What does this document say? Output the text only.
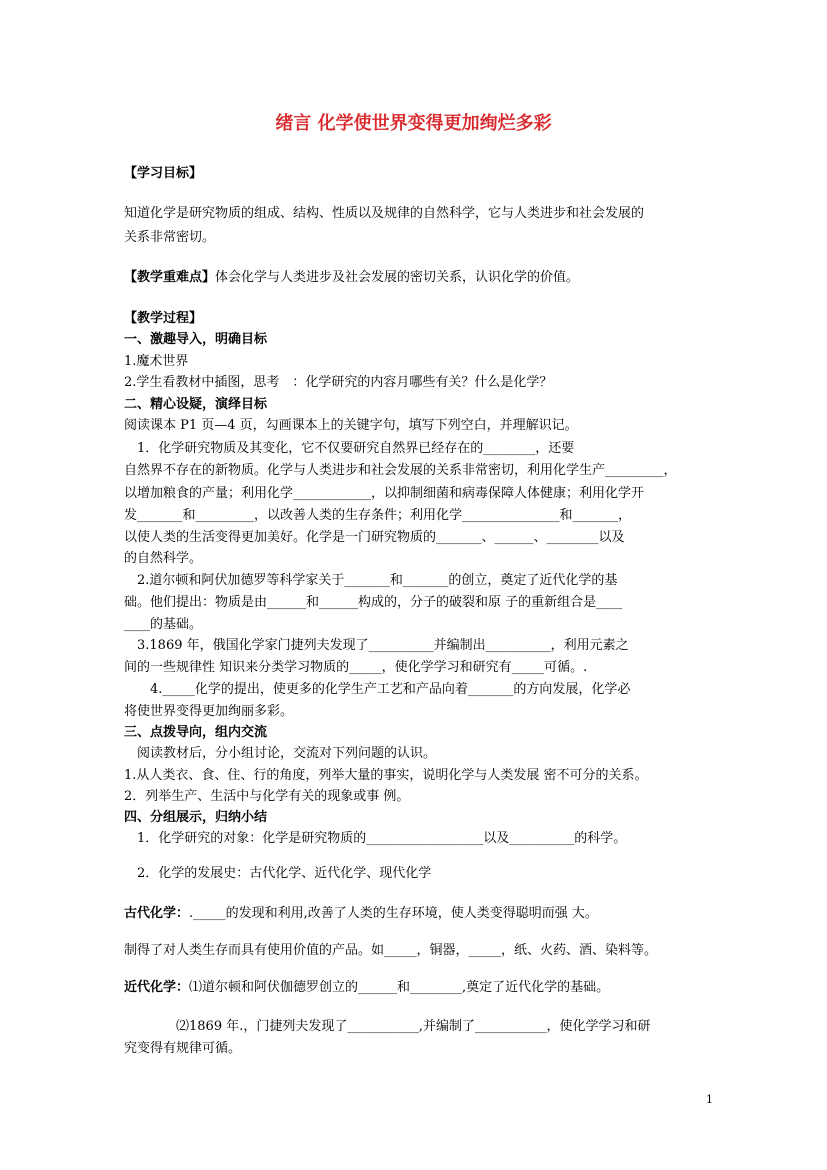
绪言 化学使世界变得更加绚烂多彩
【学习目标】
知道化学是研究物质的组成、结构、性质以及规律的自然科学，它与人类进步和社会发展的
关系非常密切。
【教学重难点】体会化学与人类进步及社会发展的密切关系，认识化学的价值。
【教学过程】
一、激趣导入，明确目标
1.魔术世界
2.学生看教材中插图，思考　：化学研究的内容月哪些有关？什么是化学？
二、精心设疑，演绎目标
阅读课本 P1 页—4 页，勾画课本上的关键字句，填写下列空白，并理解识记。
　1．化学研究物质及其变化，它不仅要研究自然界已经存在的________，还要
自然界不存在的新物质。化学与人类进步和社会发展的关系非常密切，利用化学生产_________，
以增加粮食的产量；利用化学____________，以抑制细菌和病毒保障人体健康；利用化学开
发_______和_________，以改善人类的生存条件；利用化学_______________和_______，
以使人类的生活变得更加美好。化学是一门研究物质的_______、______、________以及
的自然科学。
　2.道尔顿和阿伏加德罗等科学家关于_______和_______的创立，奠定了近代化学的基
础。他们提出：物质是由______和______构成的，分子的破裂和原 子的重新组合是____
____的基础。
　3.1869 年，俄国化学家门捷列夫发现了__________并编制出__________，利用元素之
间的一些规律性 知识来分类学习物质的_____，使化学学习和研究有_____可循。.
　　4._____化学的提出，使更多的化学生产工艺和产品向着_______的方向发展，化学必
将使世界变得更加绚丽多彩。
三、点拨导向，组内交流
　阅读教材后，分小组讨论，交流对下列问题的认识。
1.从人类衣、食、住、行的角度，列举大量的事实，说明化学与人类发展 密不可分的关系。
2．列举生产、生活中与化学有关的现象或事 例。
四、分组展示，归纳小结
　1．化学研究的对象：化学是研究物质的__________________以及__________的科学。
　2．化学的发展史：古代化学、近代化学、现代化学
古代化学：._____的发现和利用,改善了人类的生存环境，使人类变得聪明而强 大。
制得了对人类生存而具有使用价值的产品。如_____，铜器，_____，纸、火药、酒、染料等。
近代化学：⑴道尔顿和阿伏伽德罗创立的______和________,奠定了近代化学的基础。
⑵1869 年.，门捷列夫发现了___________,并编制了___________，使化学学习和研
究变得有规律可循。
1
